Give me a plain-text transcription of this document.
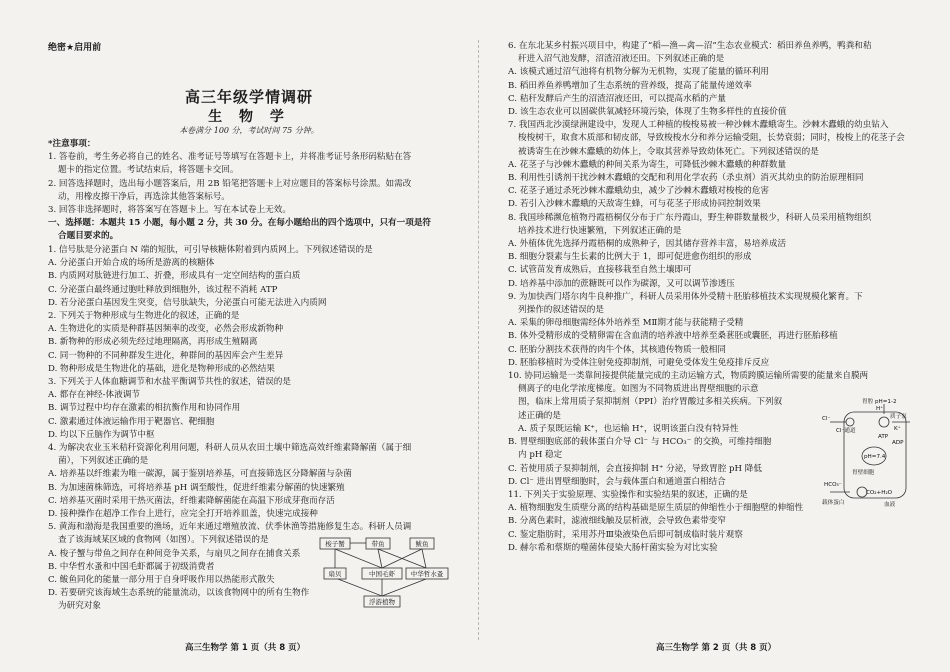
绝密★启用前
高三年级学情调研
生 物 学
本卷满分 100 分，考试时间 75 分钟。
*注意事项：
1. 答卷前，考生务必将自己的姓名、准考证号等填写在答题卡上，并将准考证号条形码粘贴在答
题卡的指定位置。考试结束后，将答题卡交回。
2. 回答选择题时，选出每小题答案后，用 2B 铅笔把答题卡上对应题目的答案标号涂黑。如需改
动，用橡皮擦干净后，再选涂其他答案标号。
3. 回答非选择题时，将答案写在答题卡上。写在本试卷上无效。
一、选择题：本题共 15 小题，每小题 2 分，共 30 分。在每小题给出的四个选项中，只有一项是符
合题目要求的。
1. 信号肽是分泌蛋白 N 端的短肽，可引导核糖体附着到内质网上。下列叙述错误的是
A. 分泌蛋白开始合成的场所是游离的核糖体
B. 内质网对肽链进行加工、折叠，形成具有一定空间结构的蛋白质
C. 分泌蛋白最终通过胞吐释放到细胞外，该过程不消耗 ATP
D. 若分泌蛋白基因发生突变，信号肽缺失，分泌蛋白可能无法进入内质网
2. 下列关于物种形成与生物进化的叙述，正确的是
A. 生物进化的实质是种群基因频率的改变，必然会形成新物种
B. 新物种的形成必须先经过地理隔离，再形成生殖隔离
C. 同一物种的不同种群发生进化，种群间的基因库会产生差异
D. 物种形成是生物进化的基础，进化是物种形成的必然结果
3. 下列关于人体血糖调节和水盐平衡调节共性的叙述，错误的是
A. 都存在神经-体液调节
B. 调节过程中均存在激素的相抗衡作用和协同作用
C. 激素通过体液运输作用于靶器官、靶细胞
D. 均以下丘脑作为调节中枢
4. 为解决农业玉米秸秆资源化利用问题，科研人员从农田土壤中筛选高效纤维素降解菌（属于细
菌），下列叙述正确的是
A. 培养基以纤维素为唯一碳源，属于鉴别培养基，可直接筛选区分降解菌与杂菌
B. 为加速菌株筛选，可将培养基 pH 调至酸性，促进纤维素分解菌的快速繁殖
C. 培养基灭菌时采用干热灭菌法，纤维素降解菌能在高温下形成芽孢而存活
D. 接种操作在超净工作台上进行，应完全打开培养皿盖，快速完成接种
5. 黄海和渤海是我国重要的渔场，近年来通过增殖放流、伏季休渔等措施修复生态。科研人员调
查了该海域某区域的食物网（如图）。下列叙述错误的是
A. 梭子蟹与带鱼之间存在种间竞争关系，与扇贝之间存在捕食关系
B. 中华哲水蚤和中国毛虾都属于初级消费者
C. 鲅鱼同化的能量一部分用于自身呼吸作用以热能形式散失
D. 若要研究该海域生态系统的能量流动，以该食物网中的所有生物作
为研究对象
梭子蟹	带鱼	鲅鱼
扇贝	中国毛虾 中华哲水蚤
浮游植物
高三生物学 第 1 页（共 8 页）
6. 在东北某乡村振兴项目中，构建了“稻—渔—禽—沼”生态农业模式：稻田养鱼养鸭，鸭粪和秸
秆进入沼气池发酵，沼渣沼液还田。下列叙述正确的是
A. 该模式通过沼气池将有机物分解为无机物，实现了能量的循环利用
B. 稻田养鱼养鸭增加了生态系统的营养级，提高了能量传递效率
C. 秸秆发酵后产生的沼渣沼液还田，可以提高水稻的产量
D. 该生态农业可以固碳供氧减轻环境污染，体现了生物多样性的直接价值
7. 我国西北沙漠绿洲建设中，发现人工种植的梭梭易被一种沙棘木蠹蛾寄生。沙棘木蠹蛾的幼虫钻入
梭梭树干，取食木质部和韧皮部，导致梭梭水分和养分运输受阻，长势衰弱；同时，梭梭上的花茎子会
被诱寄生在沙棘木蠹蛾的幼体上，令取其营养导致幼体死亡。下列叙述错误的是
A. 花茎子与沙棘木蠹蛾的种间关系为寄生，可降低沙棘木蠹蛾的种群数量
B. 利用性引诱剂干扰沙棘木蠹蛾的交配和利用化学农药（杀虫剂）消灭其幼虫的防治原理相同
C. 花茎子通过杀死沙棘木蠹蛾幼虫，减少了沙棘木蠹蛾对梭梭的危害
D. 若引入沙棘木蠹蛾的天敌寄生蜂，可与花茎子形成协同控制效果
8. 我国珍稀濒危植物丹霞梧桐仅分布于广东丹霞山，野生种群数量极少，科研人员采用植物组织
培养技术进行快速繁殖，下列叙述正确的是
A. 外植体优先选择丹霞梧桐的成熟种子，因其储存营养丰富，易培养成活
B. 细胞分裂素与生长素的比例大于 1，即可促进愈伤组织的形成
C. 试管苗发育成熟后，直接移栽至自然土壤即可
D. 培养基中添加的蔗糖既可以作为碳源，又可以调节渗透压
9. 为加快西门塔尔肉牛良种推广，科研人员采用体外受精＋胚胎移植技术实现规模化繁育。下
列操作的叙述错误的是
A. 采集的卵母细胞需经体外培养至 MⅡ期才能与获能精子受精
B. 体外受精形成的受精卵需在含血清的培养液中培养至桑葚胚或囊胚，再进行胚胎移植
C. 胚胎分割技术获得的肉牛个体，其核遗传物质一般相同
D. 胚胎移植时为受体注射免疫抑制剂，可避免受体发生免疫排斥反应
10. 协同运输是一类靠间接提供能量完成的主动运输方式，物质跨膜运输所需要的能量来自膜两
侧离子的电化学浓度梯度。如图为不同物质进出胃壁细胞的示意
图，临床上常用质子泵抑制剂（PPI）治疗胃酸过多相关疾病。下列叙
述正确的是
A. 质子泵既运输 K⁺，也运输 H⁺，说明该蛋白没有特异性
B. 胃壁细胞底部的载体蛋白介导 Cl⁻ 与 HCO₃⁻ 的交换，可维持细胞
内 pH 稳定
C. 若使用质子泵抑制剂，会直接抑制 H⁺ 分泌，导致胃腔 pH 降低
D. Cl⁻ 进出胃壁细胞时，会与载体蛋白和通道蛋白相结合
11. 下列关于实验原理、实验操作和实验结果的叙述，正确的是
A. 植物细胞发生质壁分离的结构基础是原生质层的伸缩性小于细胞壁的伸缩性
B. 分离色素时，滤液细线触及层析液，会导致色素带变窄
C. 鉴定脂肪时，采用苏丹Ⅲ染液染色后即可制成临时装片观察
D. 赫尔希和蔡斯的噬菌体侵染大肠杆菌实验为对比实验
胃腔 pH=1-2
Cl⁻
Cl⁻通道
质子泵
K⁺
H⁺
ATP
ADP
pH=7.4
胃壁细胞
CO₂+H₂O
HCO₃⁻
血液
载体蛋白
高三生物学 第 2 页（共 8 页）
